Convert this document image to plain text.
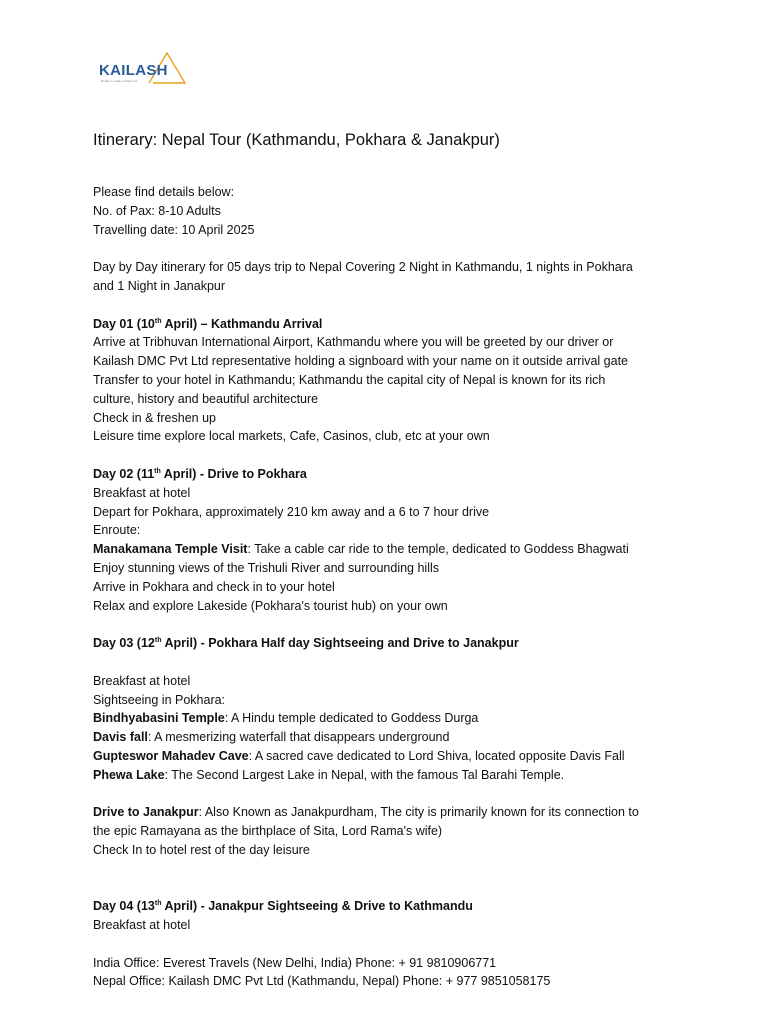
KAILASH
Ready to make a difference
Itinerary: Nepal Tour (Kathmandu, Pokhara & Janakpur)
Please find details below:
No. of Pax: 8-10 Adults
Travelling date: 10 April 2025
Day by Day itinerary for 05 days trip to Nepal Covering 2 Night in Kathmandu, 1 nights in Pokhara
and 1 Night in Janakpur
Day 01 (10th April) – Kathmandu Arrival
Arrive at Tribhuvan International Airport, Kathmandu where you will be greeted by our driver or
Kailash DMC Pvt Ltd representative holding a signboard with your name on it outside arrival gate
Transfer to your hotel in Kathmandu; Kathmandu the capital city of Nepal is known for its rich
culture, history and beautiful architecture
Check in & freshen up
Leisure time explore local markets, Cafe, Casinos, club, etc at your own
Day 02 (11th April) - Drive to Pokhara
Breakfast at hotel
Depart for Pokhara, approximately 210 km away and a 6 to 7 hour drive
Enroute:
Manakamana Temple Visit: Take a cable car ride to the temple, dedicated to Goddess Bhagwati
Enjoy stunning views of the Trishuli River and surrounding hills
Arrive in Pokhara and check in to your hotel
Relax and explore Lakeside (Pokhara's tourist hub) on your own
Day 03 (12th April) - Pokhara Half day Sightseeing and Drive to Janakpur
Breakfast at hotel
Sightseeing in Pokhara:
Bindhyabasini Temple: A Hindu temple dedicated to Goddess Durga
Davis fall: A mesmerizing waterfall that disappears underground
Gupteswor Mahadev Cave: A sacred cave dedicated to Lord Shiva, located opposite Davis Fall
Phewa Lake: The Second Largest Lake in Nepal, with the famous Tal Barahi Temple.
Drive to Janakpur: Also Known as Janakpurdham, The city is primarily known for its connection to
the epic Ramayana as the birthplace of Sita, Lord Rama's wife)
Check In to hotel rest of the day leisure
Day 04 (13th April) - Janakpur Sightseeing & Drive to Kathmandu
Breakfast at hotel
India Office: Everest Travels (New Delhi, India) Phone: + 91 9810906771
Nepal Office: Kailash DMC Pvt Ltd (Kathmandu, Nepal) Phone: + 977 9851058175
